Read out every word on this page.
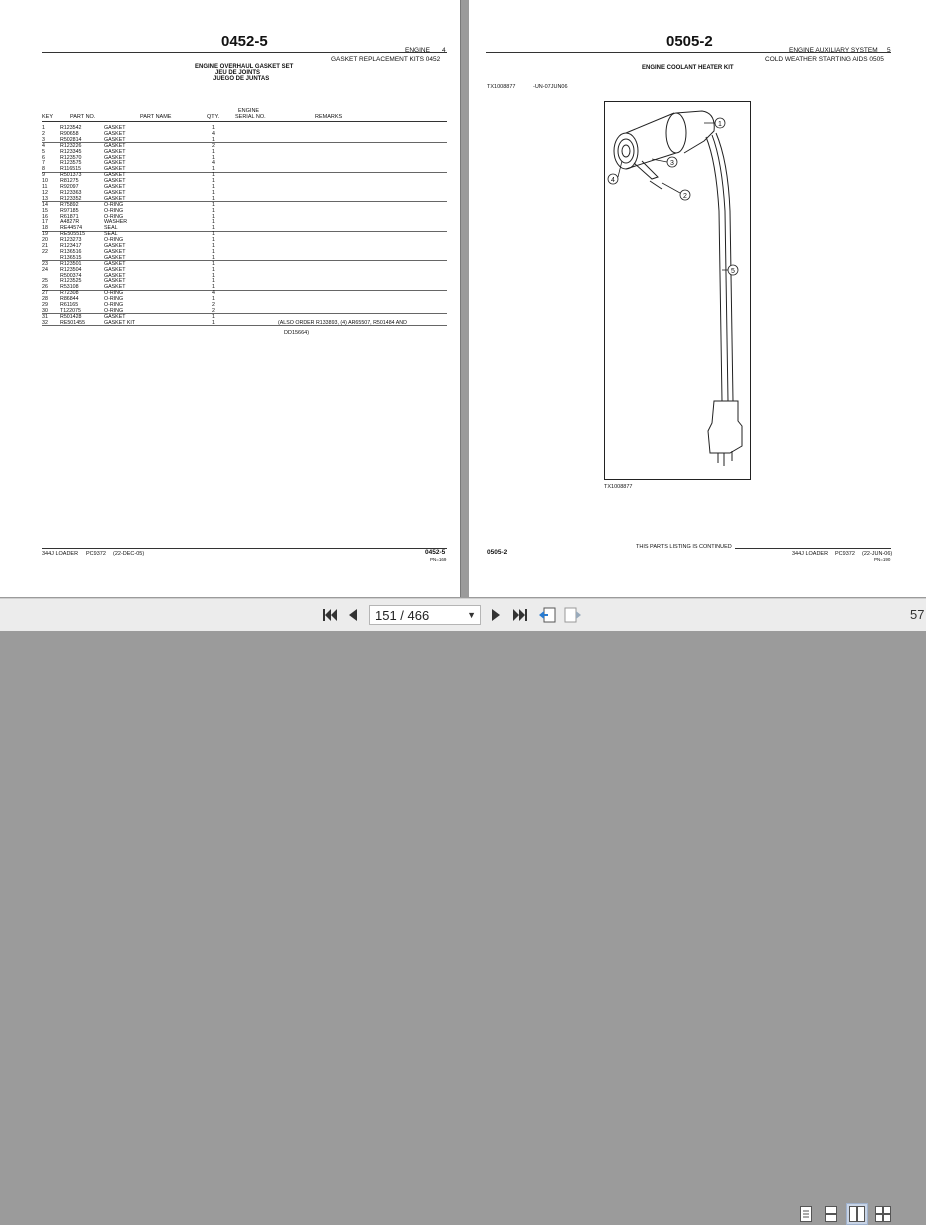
0452-5
ENGINE 4
GASKET REPLACEMENT KITS 0452
ENGINE OVERHAUL GASKET SET
JEU DE JOINTS
JUEGO DE JUNTAS
ENGINE
KEY	PART NO.	PART NAME	QTY.	SERIAL NO.	REMARKS
1	R123542	GASKET	1
2	R90658	GASKET	4
3	R502814	GASKET	1
4	R123226	GASKET	2
5	R123345	GASKET	1
6	R123570	GASKET	1
7	R123575	GASKET	4
8	R116515	GASKET	1
9	R501373	GASKET	1
10	R81275	GASKET	1
11	R92097	GASKET	1
12	R123363	GASKET	1
13	R123352	GASKET	1
14	R75892	O-RING	1
15	R97185	O-RING	1
16	R61871	O-RING	1
17	A4827R	WASHER	1
18	RE44574	SEAL	1
19	RE505515	SEAL	1
20	R123273	O-RING	1
21	R123417	GASKET	1
22	R136516	GASKET	1
R136515	GASKET	1
23	R123501	GASKET	1
24	R123504	GASKET	1
R500374	GASKET	1
25	R123525	GASKET	1
26	R53108	GASKET	1
27	R72308	O-RING	4
28	R86844	O-RING	1
29	R61165	O-RING	2
30	T122075	O-RING	2
31	R501428	GASKET	1
32	RE501455	GASKET KIT	1	(ALSO ORDER R133893, (4) AR65507, R501484 AND
DD15664)
344J LOADER PC9372 (22-DEC-05)	0452-5
PN=169
0505-2
ENGINE AUXILIARY SYSTEM 5
COLD WEATHER STARTING AIDS 0505
ENGINE COOLANT HEATER KIT
TX1008877	-UN-07JUN06
1
2
3
4
5
TX1008877
THIS PARTS LISTING IS CONTINUED
0505-2	344J LOADER PC9372 (22-JUN-06)
PN=190
151 / 466	▼	57
